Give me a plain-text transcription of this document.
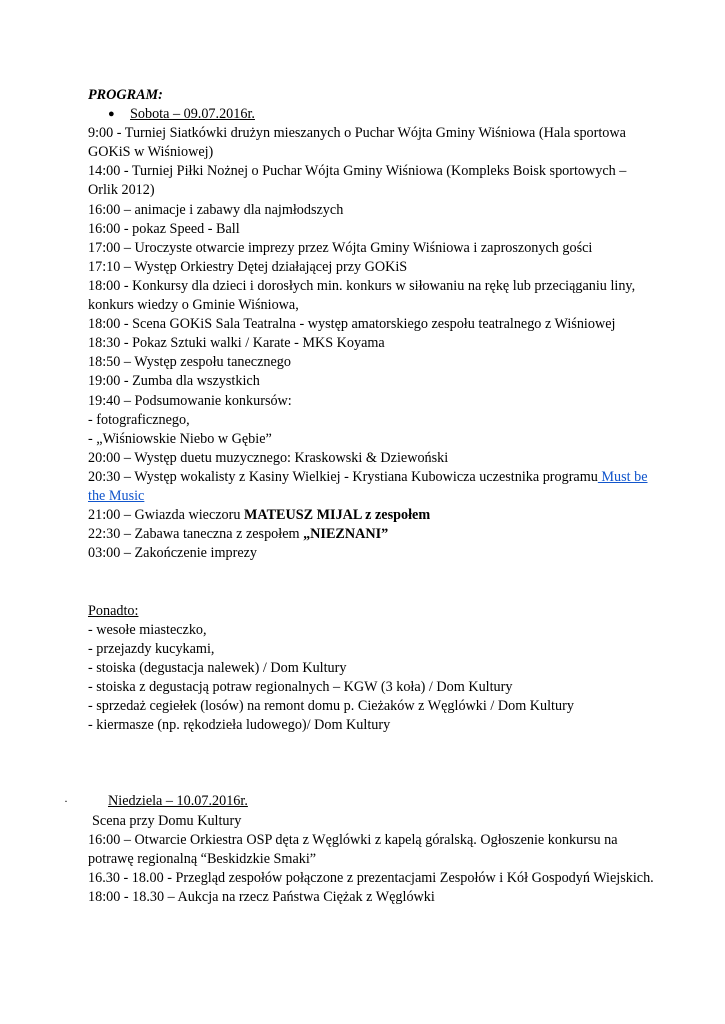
PROGRAM:
● Sobota – 09.07.2016r.
9:00 - Turniej Siatkówki drużyn mieszanych o Puchar Wójta Gminy Wiśniowa (Hala sportowa GOKiS w Wiśniowej)
14:00 - Turniej Piłki Nożnej o Puchar Wójta Gminy Wiśniowa (Kompleks Boisk sportowych – Orlik 2012)
16:00 – animacje i zabawy dla najmłodszych
16:00 - pokaz Speed - Ball
17:00 – Uroczyste otwarcie imprezy przez Wójta Gminy Wiśniowa i zaproszonych gości
17:10 – Występ Orkiestry Dętej działającej przy GOKiS
18:00 - Konkursy dla dzieci i dorosłych min. konkurs w siłowaniu na rękę lub przeciąganiu liny, konkurs wiedzy o Gminie Wiśniowa,
18:00 - Scena GOKiS Sala Teatralna - występ amatorskiego zespołu teatralnego z Wiśniowej
18:30 - Pokaz Sztuki walki / Karate - MKS Koyama
18:50 – Występ zespołu tanecznego
19:00 - Zumba dla wszystkich
19:40 – Podsumowanie konkursów:
- fotograficznego,
- „Wiśniowskie Niebo w Gębie”
20:00 – Występ duetu muzycznego: Kraskowski & Dziewoński
20:30 – Występ wokalisty z Kasiny Wielkiej - Krystiana Kubowicza uczestnika programu Must be the Music
21:00 – Gwiazda wieczoru MATEUSZ MIJAL z zespołem
22:30 – Zabawa taneczna z zespołem „NIEZNANI”
03:00 – Zakończenie imprezy
Ponadto:
- wesołe miasteczko,
- przejazdy kucykami,
- stoiska (degustacja nalewek) / Dom Kultury
- stoiska z degustacją potraw regionalnych – KGW (3 koła) / Dom Kultury
- sprzedaż cegiełek (losów) na remont domu p. Cieżaków z Węglówki / Dom Kultury
- kiermasze (np. rękodzieła ludowego)/ Dom Kultury
·	Niedziela – 10.07.2016r.
Scena przy Domu Kultury
16:00 – Otwarcie Orkiestra OSP dęta z Węglówki z kapelą góralską. Ogłoszenie konkursu na potrawę regionalną “Beskidzkie Smaki”
16.30 - 18.00 - Przegląd zespołów połączone z prezentacjami Zespołów i Kół Gospodyń Wiejskich.
18:00 - 18.30 – Aukcja na rzecz Państwa Ciężak z Węglówki
